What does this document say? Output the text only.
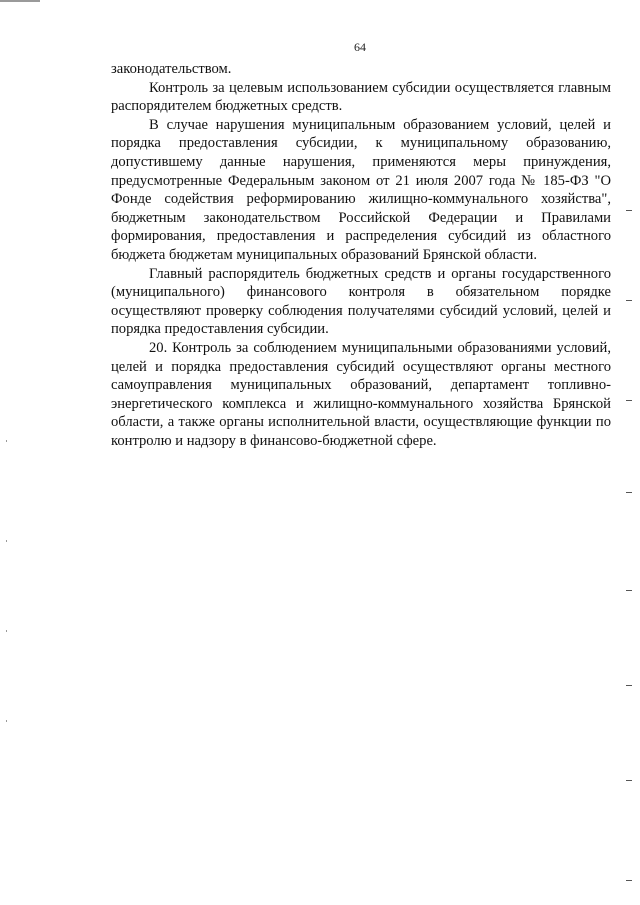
64

законодательством.

Контроль за целевым использованием субсидии осуществляется главным распорядителем бюджетных средств.

В случае нарушения муниципальным образованием условий, целей и порядка предоставления субсидии, к муниципальному образованию, допустившему данные нарушения, применяются меры принуждения, предусмотренные Федеральным законом от 21 июля 2007 года № 185-ФЗ "О Фонде содействия реформированию жилищно-коммунального хозяйства", бюджетным законодательством Российской Федерации и Правилами формирования, предоставления и распределения субсидий из областного бюджета бюджетам муниципальных образований Брянской области.

Главный распорядитель бюджетных средств и органы государственного (муниципального) финансового контроля в обязательном порядке осуществляют проверку соблюдения получателями субсидий условий, целей и порядка предоставления субсидии.

20. Контроль за соблюдением муниципальными образованиями условий, целей и порядка предоставления субсидий осуществляют органы местного самоуправления муниципальных образований, департамент топливно-энергетического комплекса и жилищно-коммунального хозяйства Брянской области, а также органы исполнительной власти, осуществляющие функции по контролю и надзору в финансово-бюджетной сфере.
